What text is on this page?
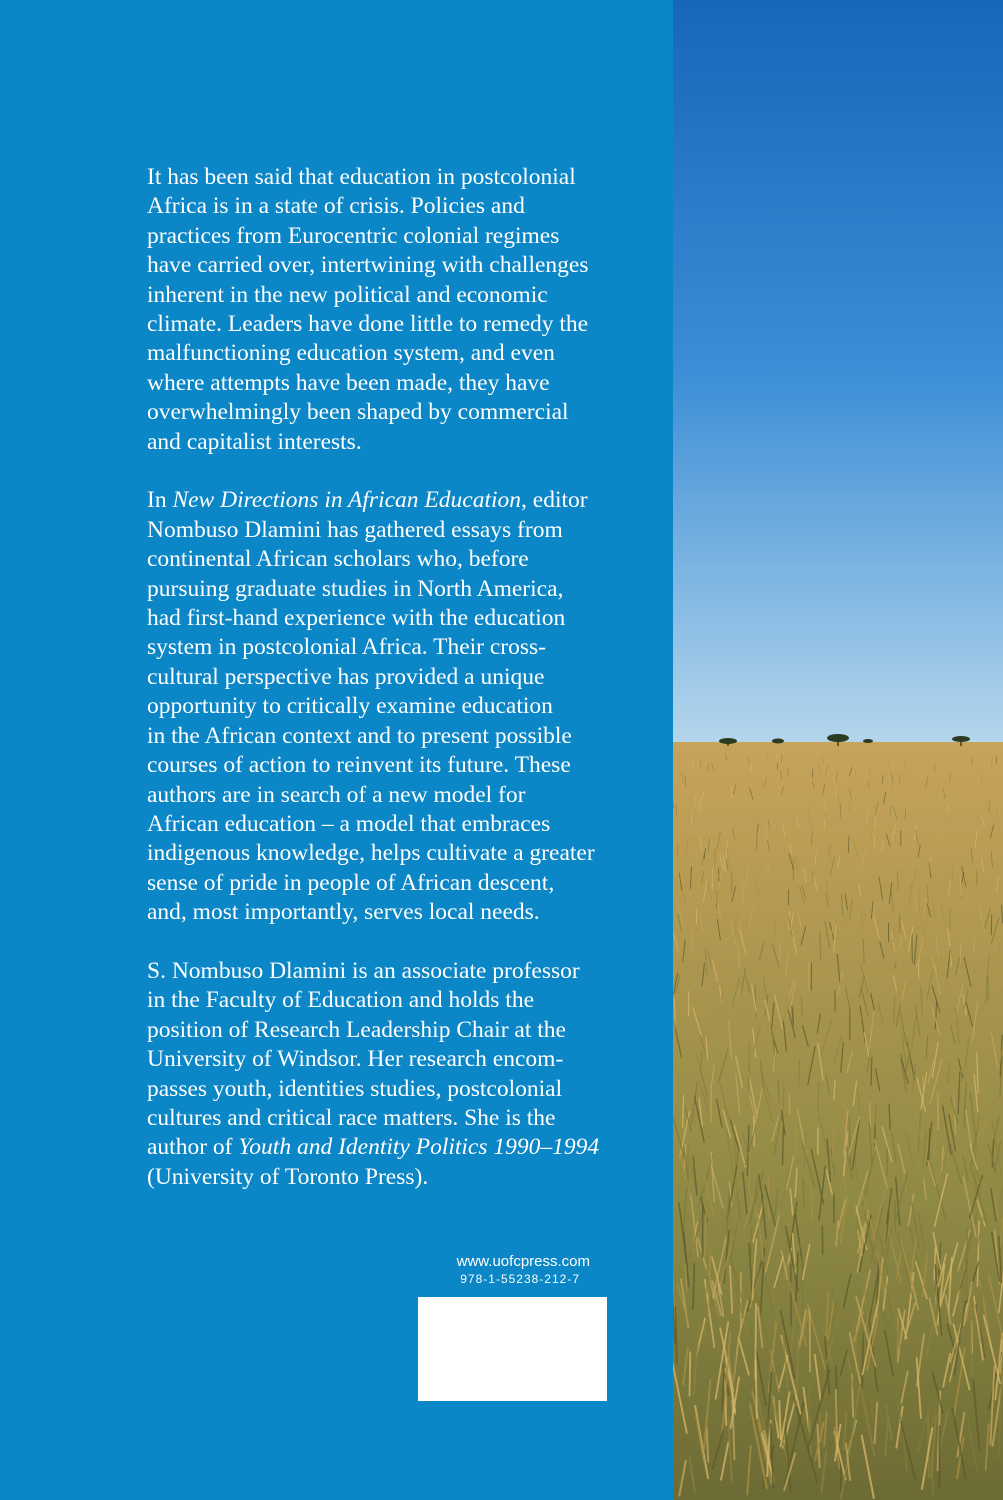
It has been said that education in postcolonial
Africa is in a state of crisis. Policies and
practices from Eurocentric colonial regimes
have carried over, intertwining with challenges
inherent in the new political and economic
climate. Leaders have done little to remedy the
malfunctioning education system, and even
where attempts have been made, they have
overwhelmingly been shaped by commercial
and capitalist interests.

In New Directions in African Education, editor
Nombuso Dlamini has gathered essays from
continental African scholars who, before
pursuing graduate studies in North America,
had first-hand experience with the education
system in postcolonial Africa. Their cross-
cultural perspective has provided a unique
opportunity to critically examine education
in the African context and to present possible
courses of action to reinvent its future. These
authors are in search of a new model for
African education – a model that embraces
indigenous knowledge, helps cultivate a greater
sense of pride in people of African descent,
and, most importantly, serves local needs.

S. Nombuso Dlamini is an associate professor
in the Faculty of Education and holds the
position of Research Leadership Chair at the
University of Windsor. Her research encom-
passes youth, identities studies, postcolonial
cultures and critical race matters. She is the
author of Youth and Identity Politics 1990–1994
(University of Toronto Press).

www.uofcpress.com
978-1-55238-212-7
